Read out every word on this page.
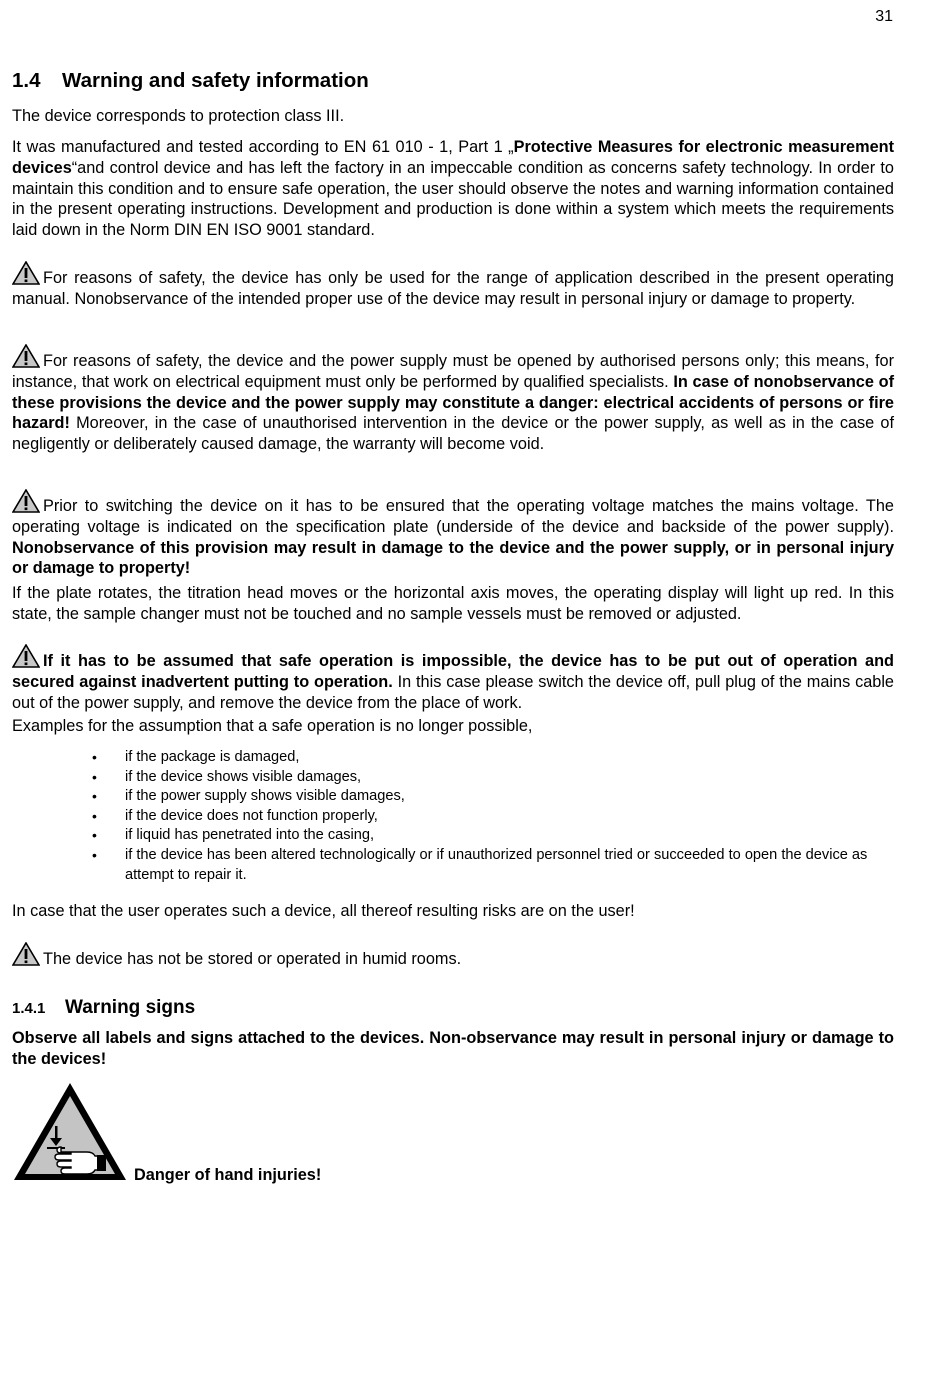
31
1.4 Warning and safety information

The device corresponds to protection class III.

It was manufactured and tested according to EN 61 010 - 1, Part 1 „Protective Measures for electronic measurement devices“and control device and has left the factory in an impeccable condition as concerns safety technology. In order to maintain this condition and to ensure safe operation, the user should observe the notes and warning information contained in the present operating instructions. Development and production is done within a system which meets the requirements laid down in the Norm DIN EN ISO 9001 standard.

For reasons of safety, the device has only be used for the range of application described in the present operating manual. Nonobservance of the intended proper use of the device may result in personal injury or damage to property.

For reasons of safety, the device and the power supply must be opened by authorised persons only; this means, for instance, that work on electrical equipment must only be performed by qualified specialists. In case of nonobservance of these provisions the device and the power supply may constitute a danger: electrical accidents of persons or fire hazard! Moreover, in the case of unauthorised intervention in the device or the power supply, as well as in the case of negligently or deliberately caused damage, the warranty will become void.

Prior to switching the device on it has to be ensured that the operating voltage matches the mains voltage. The operating voltage is indicated on the specification plate (underside of the device and backside of the power supply). Nonobservance of this provision may result in damage to the device and the power supply, or in personal injury or damage to property!

If the plate rotates, the titration head moves or the horizontal axis moves, the operating display will light up red. In this state, the sample changer must not be touched and no sample vessels must be removed or adjusted.

If it has to be assumed that safe operation is impossible, the device has to be put out of operation and secured against inadvertent putting to operation. In this case please switch the device off, pull plug of the mains cable out of the power supply, and remove the device from the place of work.

Examples for the assumption that a safe operation is no longer possible,

• if the package is damaged,
• if the device shows visible damages,
• if the power supply shows visible damages,
• if the device does not function properly,
• if liquid has penetrated into the casing,
• if the device has been altered technologically or if unauthorized personnel tried or succeeded to open the device as attempt to repair it.

In case that the user operates such a device, all thereof resulting risks are on the user!

The device has not be stored or operated in humid rooms.

1.4.1 Warning signs

Observe all labels and signs attached to the devices. Non-observance may result in personal injury or damage to the devices!

Danger of hand injuries!
